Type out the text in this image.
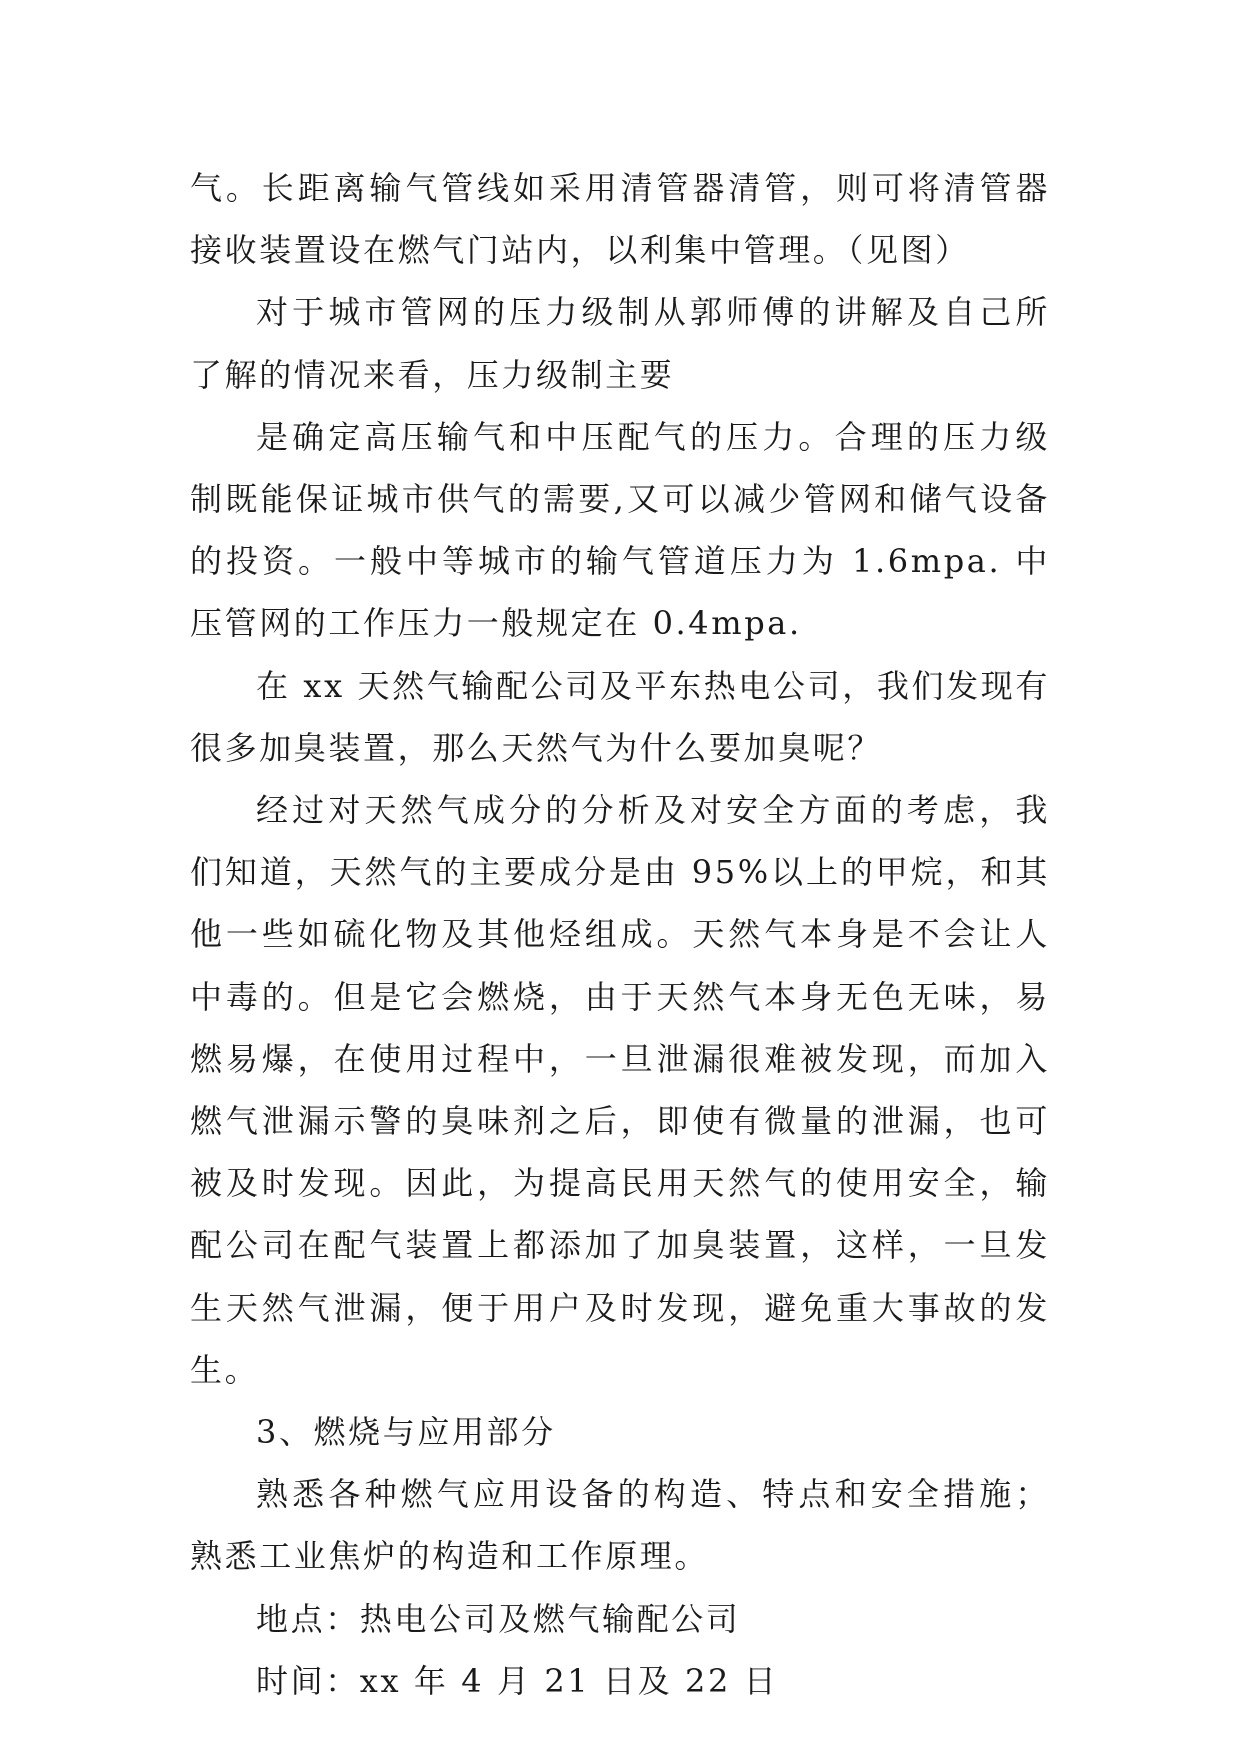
气。长距离输气管线如采用清管器清管，则可将清管器接收装置设在燃气门站内，以利集中管理。（见图）

对于城市管网的压力级制从郭师傅的讲解及自己所了解的情况来看，压力级制主要

是确定高压输气和中压配气的压力。合理的压力级制既能保证城市供气的需要,又可以减少管网和储气设备的投资。一般中等城市的输气管道压力为 1.6mpa. 中压管网的工作压力一般规定在 0.4mpa.

在 xx 天然气输配公司及平东热电公司，我们发现有很多加臭装置，那么天然气为什么要加臭呢？

经过对天然气成分的分析及对安全方面的考虑，我们知道，天然气的主要成分是由 95%以上的甲烷，和其他一些如硫化物及其他烃组成。天然气本身是不会让人中毒的。但是它会燃烧，由于天然气本身无色无味，易燃易爆，在使用过程中，一旦泄漏很难被发现，而加入燃气泄漏示警的臭味剂之后，即使有微量的泄漏，也可被及时发现。因此，为提高民用天然气的使用安全，输配公司在配气装置上都添加了加臭装置，这样，一旦发生天然气泄漏，便于用户及时发现，避免重大事故的发生。

3、燃烧与应用部分

熟悉各种燃气应用设备的构造、特点和安全措施；熟悉工业焦炉的构造和工作原理。

地点：热电公司及燃气输配公司

时间：xx 年 4 月 21 日及 22 日
